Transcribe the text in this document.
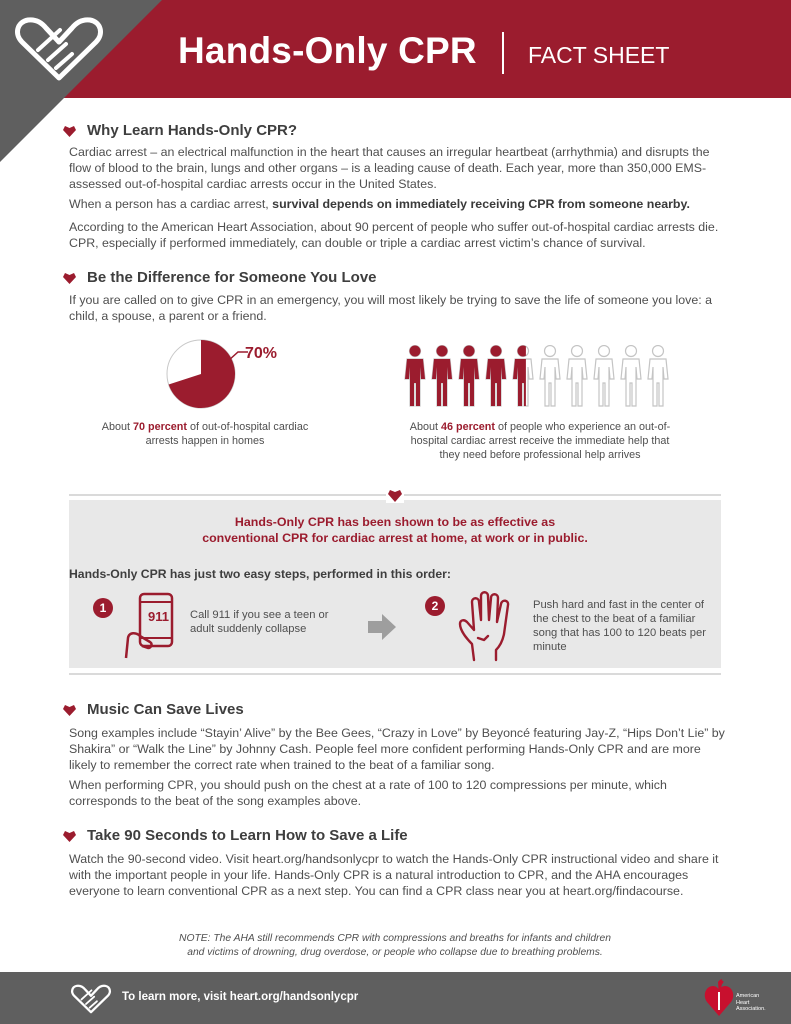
Hands-Only CPR FACT SHEET
Why Learn Hands-Only CPR?

Cardiac arrest – an electrical malfunction in the heart that causes an irregular heartbeat (arrhythmia) and disrupts the flow of blood to the brain, lungs and other organs – is a leading cause of death. Each year, more than 350,000 EMS-assessed out-of-hospital cardiac arrests occur in the United States.

When a person has a cardiac arrest, survival depends on immediately receiving CPR from someone nearby.

According to the American Heart Association, about 90 percent of people who suffer out-of-hospital cardiac arrests die. CPR, especially if performed immediately, can double or triple a cardiac arrest victim’s chance of survival.

Be the Difference for Someone You Love

If you are called on to give CPR in an emergency, you will most likely be trying to save the life of someone you love: a child, a spouse, a parent or a friend.

70%
About 70 percent of out-of-hospital cardiac arrests happen in homes
About 46 percent of people who experience an out-of-hospital cardiac arrest receive the immediate help that they need before professional help arrives
Hands-Only CPR has been shown to be as effective as
conventional CPR for cardiac arrest at home, at work or in public.
Hands-Only CPR has just two easy steps, performed in this order:
1
911 Call 911 if you see a teen or adult suddenly collapse
2	Push hard and fast in the center of the chest to the beat of a familiar song that has 100 to 120 beats per minute
Music Can Save Lives

Song examples include “Stayin’ Alive” by the Bee Gees, “Crazy in Love” by Beyoncé featuring Jay-Z, “Hips Don’t Lie” by Shakira” or “Walk the Line” by Johnny Cash. People feel more confident performing Hands-Only CPR and are more likely to remember the correct rate when trained to the beat of a familiar song.

When performing CPR, you should push on the chest at a rate of 100 to 120 compressions per minute, which corresponds to the beat of the song examples above.

Take 90 Seconds to Learn How to Save a Life

Watch the 90-second video. Visit heart.org/handsonlycpr to watch the Hands-Only CPR instructional video and share it with the important people in your life. Hands-Only CPR is a natural introduction to CPR, and the AHA encourages everyone to learn conventional CPR as a next step. You can find a CPR class near you at heart.org/findacourse.

NOTE: The AHA still recommends CPR with compressions and breaths for infants and children
and victims of drowning, drug overdose, or people who collapse due to breathing problems.
To learn more, visit heart.org/handsonlycpr	American
Heart
Association.
